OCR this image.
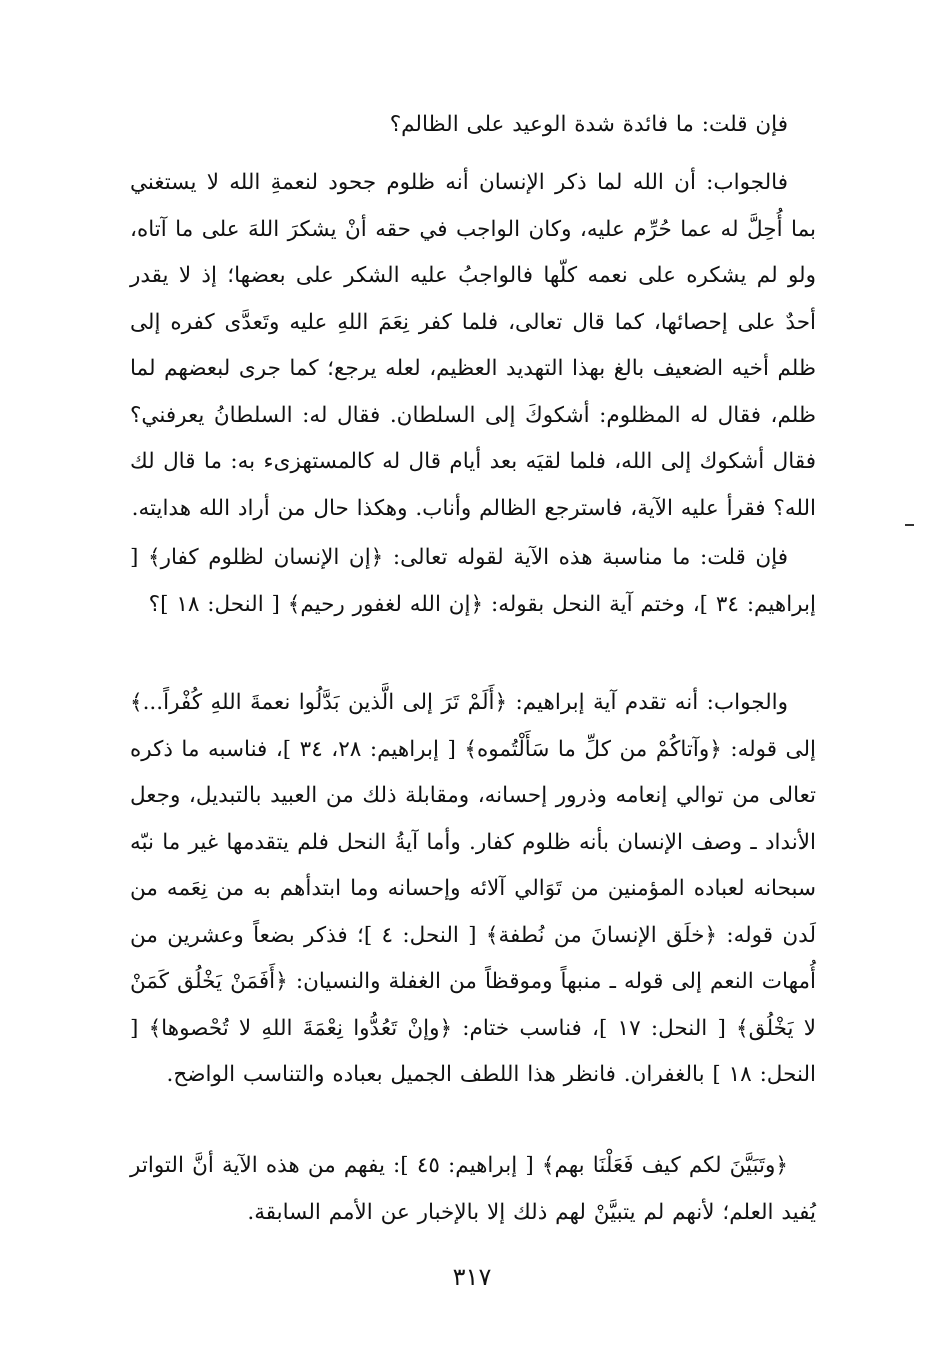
فإن قلت: ما فائدة شدة الوعيد على الظالم؟

فالجواب: أن الله لما ذكر الإنسان أنه ظلوم جحود لنعمةِ الله لا يستغني بما أُحِلَّ له عما حُرِّم عليه، وكان الواجب في حقه أنْ يشكرَ اللهَ على ما آتاه، ولو لم يشكره على نعمه كلّها فالواجبُ عليه الشكر على بعضها؛ إذ لا يقدر أحدٌ على إحصائها، كما قال تعالى، فلما كفر نِعَمَ اللهِ عليه وتَعدَّى كفره إلى ظلم أخيه الضعيف بالغ بهذا التهديد العظيم، لعله يرجع؛ كما جرى لبعضهم لما ظلم، فقال له المظلوم: أشكوكَ إلى السلطان. فقال له: السلطانُ يعرفني؟ فقال أشكوك إلى الله، فلما لقيَه بعد أيام قال له كالمستهزىء به: ما قال لك الله؟ فقرأ عليه الآية، فاسترجع الظالم وأناب. وهكذا حال من أراد الله هدايته.

فإن قلت: ما مناسبة هذه الآية لقوله تعالى: ﴿إن الإنسان لظلوم كفار﴾ [ إبراهيم: ٣٤ ]، وختم آية النحل بقوله: ﴿إن الله لغفور رحيم﴾ [ النحل: ١٨ ]؟

والجواب: أنه تقدم آية إبراهيم: ﴿أَلَمْ تَرَ إلى الَّذين بَدَّلُوا نعمةَ اللهِ كُفْراً...﴾ إلى قوله: ﴿وآتاكُمْ من كلِّ ما سَأَلْتُموه﴾ [ إبراهيم: ٢٨، ٣٤ ]، فناسبه ما ذكره تعالى من توالي إنعامه وذرور إحسانه، ومقابلة ذلك من العبيد بالتبديل، وجعل الأنداد ـ وصف الإنسان بأنه ظلوم كفار. وأما آيةُ النحل فلم يتقدمها غير ما نبّه سبحانه لعباده المؤمنين من تَوَالي آلائه وإحسانه وما ابتدأهم به من نِعَمه من لَدن قوله: ﴿خلَق الإنسانَ من نُطفة﴾ [ النحل: ٤ ]؛ فذكر بضعاً وعشرين من أُمهات النعم إلى قوله ـ منبهاً وموقظاً من الغفلة والنسيان: ﴿أَفَمَنْ يَخْلُق كَمَنْ لا يَخْلُق﴾ [ النحل: ١٧ ]، فناسب ختام: ﴿وإنْ تَعُدُّوا نِعْمَةَ اللهِ لا تُحْصوها﴾ [ النحل: ١٨ ] بالغفران. فانظر هذا اللطف الجميل بعباده والتناسب الواضح.

﴿وتَبَيَّنَ لكم كيف فَعَلْنَا بهم﴾ [ إبراهيم: ٤٥ ]: يفهم من هذه الآية أنَّ التواتر يُفيد العلم؛ لأنهم لم يتبيَّنْ لهم ذلك إلا بالإخبار عن الأمم السابقة.

٣١٧
